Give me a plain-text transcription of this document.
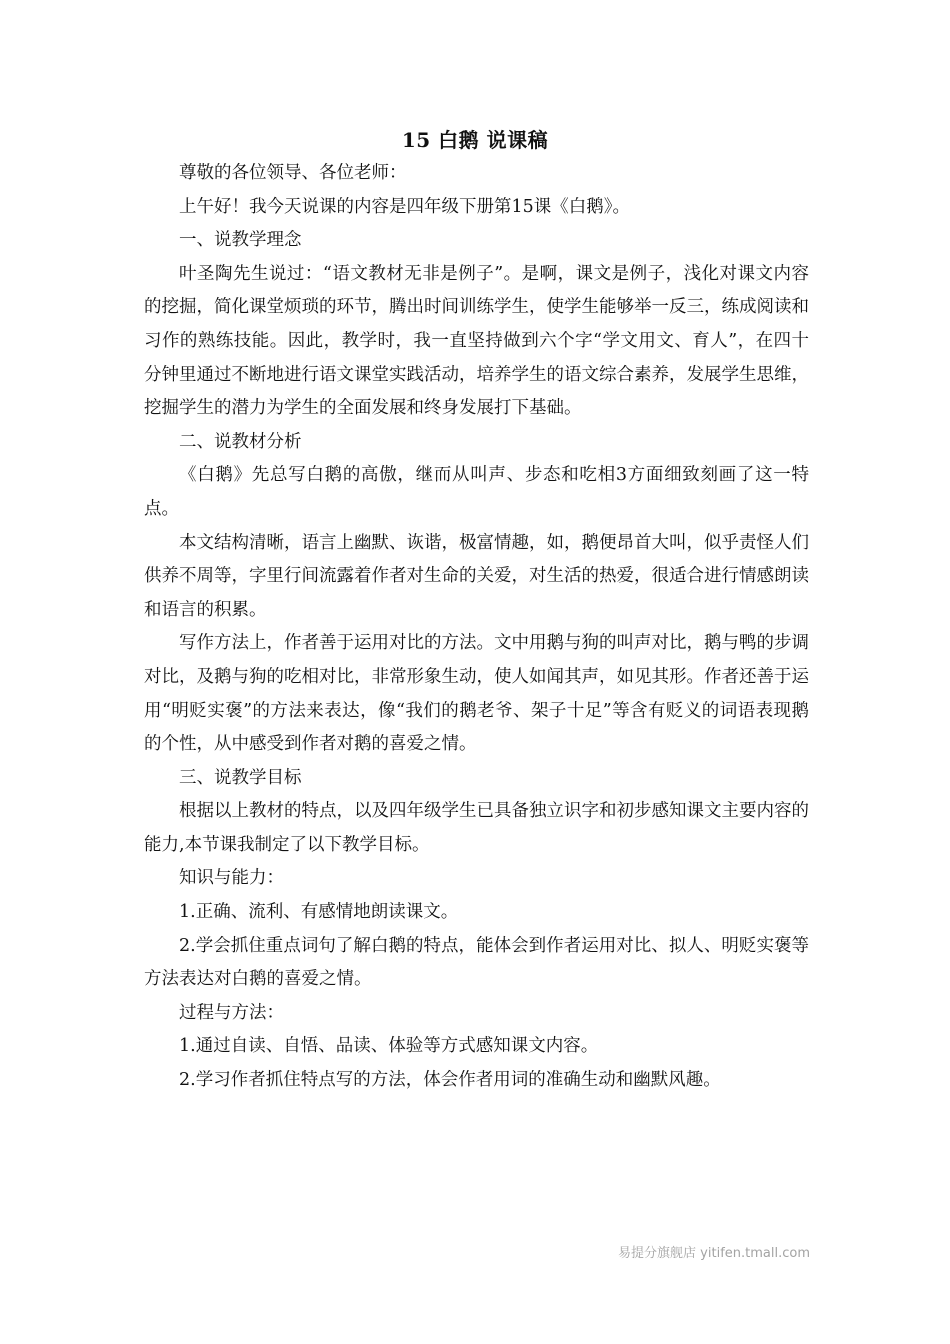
15 白鹅 说课稿

尊敬的各位领导、各位老师：

上午好！我今天说课的内容是四年级下册第15课《白鹅》。

一、说教学理念

叶圣陶先生说过：“语文教材无非是例子”。是啊，课文是例子，浅化对课文内容的挖掘，简化课堂烦琐的环节，腾出时间训练学生，使学生能够举一反三，练成阅读和习作的熟练技能。因此，教学时，我一直坚持做到六个字“学文用文、育人”，在四十分钟里通过不断地进行语文课堂实践活动，培养学生的语文综合素养，发展学生思维，挖掘学生的潜力为学生的全面发展和终身发展打下基础。

二、说教材分析

《白鹅》先总写白鹅的高傲，继而从叫声、步态和吃相3方面细致刻画了这一特点。

本文结构清晰，语言上幽默、诙谐，极富情趣，如，鹅便昂首大叫，似乎责怪人们供养不周等，字里行间流露着作者对生命的关爱，对生活的热爱，很适合进行情感朗读和语言的积累。

写作方法上，作者善于运用对比的方法。文中用鹅与狗的叫声对比，鹅与鸭的步调对比，及鹅与狗的吃相对比，非常形象生动，使人如闻其声，如见其形。作者还善于运用“明贬实褒”的方法来表达，像“我们的鹅老爷、架子十足”等含有贬义的词语表现鹅的个性，从中感受到作者对鹅的喜爱之情。

三、说教学目标

根据以上教材的特点，以及四年级学生已具备独立识字和初步感知课文主要内容的能力,本节课我制定了以下教学目标。

知识与能力：

1.正确、流利、有感情地朗读课文。

2.学会抓住重点词句了解白鹅的特点，能体会到作者运用对比、拟人、明贬实褒等方法表达对白鹅的喜爱之情。

过程与方法：

1.通过自读、自悟、品读、体验等方式感知课文内容。

2.学习作者抓住特点写的方法，体会作者用词的准确生动和幽默风趣。

易提分旗舰店 yitifen.tmall.com
